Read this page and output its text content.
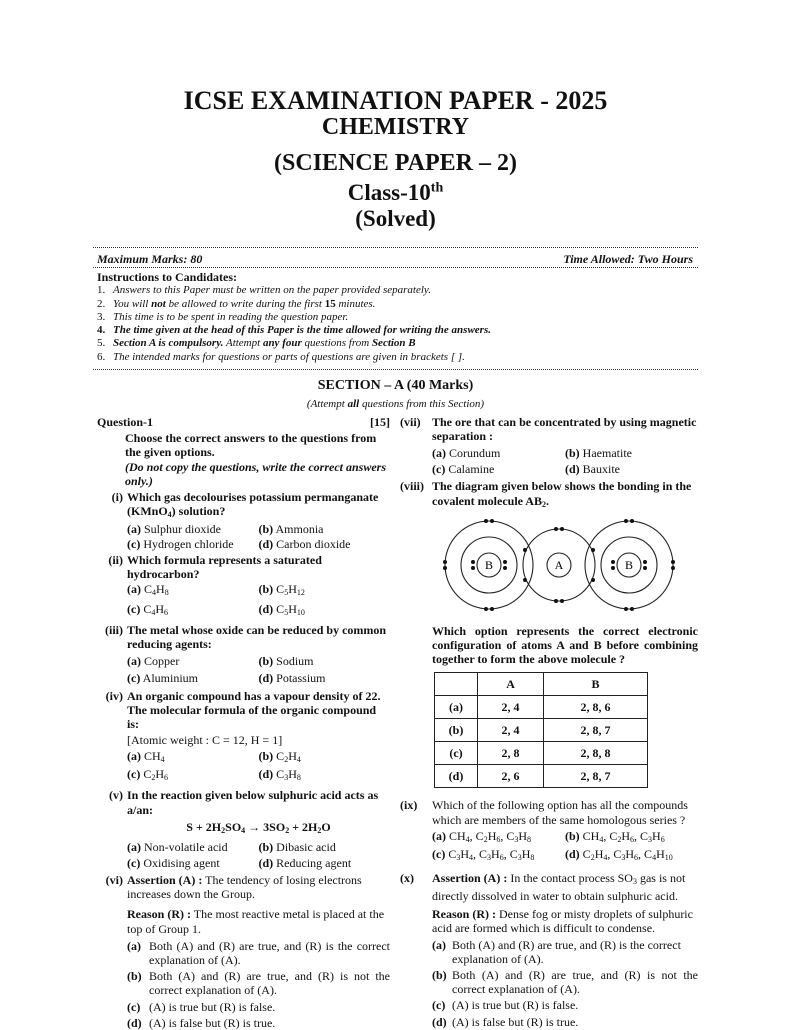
ICSE EXAMINATION PAPER - 2025
CHEMISTRY
(SCIENCE PAPER – 2)
Class-10th
(Solved)
Maximum Marks: 80	Time Allowed: Two Hours
Instructions to Candidates:
1. Answers to this Paper must be written on the paper provided separately.
2. You will not be allowed to write during the first 15 minutes.
3. This time is to be spent in reading the question paper.
4. The time given at the head of this Paper is the time allowed for writing the answers.
5. Section A is compulsory. Attempt any four questions from Section B
6. The intended marks for questions or parts of questions are given in brackets [ ].
SECTION – A (40 Marks)
(Attempt all questions from this Section)
Question-1	[15]
Choose the correct answers to the questions from the given options.
(Do not copy the questions, write the correct answers only.)
(i) Which gas decolourises potassium permanganate (KMnO$_4$) solution?
(a) Sulphur dioxide	(b) Ammonia
(c) Hydrogen chloride	(d) Carbon dioxide
(ii) Which formula represents a saturated hydrocarbon?
(a) $C_4H_8$	(b) $C_5H_{12}$
(c) $C_4H_6$	(d) $C_5H_{10}$
(iii) The metal whose oxide can be reduced by common reducing agents:
(a) Copper	(b) Sodium
(c) Aluminium	(d) Potassium
(iv) An organic compound has a vapour density of 22. The molecular formula of the organic compound is:
[Atomic weight : C = 12, H = 1]
(a) $CH_4$	(b) $C_2H_4$
(c) $C_2H_6$	(d) $C_3H_8$
(v) In the reaction given below sulphuric acid acts as a/an:
$S + 2H_2SO_4 \to 3SO_2 + 2H_2O$
(a) Non-volatile acid	(b) Dibasic acid
(c) Oxidising agent	(d) Reducing agent
(vi) Assertion (A) : The tendency of losing electrons increases down the Group.
Reason (R) : The most reactive metal is placed at the top of Group 1.
(a) Both (A) and (R) are true, and (R) is the correct explanation of (A).
(b) Both (A) and (R) are true, and (R) is not the correct explanation of (A).
(c) (A) is true but (R) is false.
(d) (A) is false but (R) is true.
(vii) The ore that can be concentrated by using magnetic separation :
(a) Corundum	(b) Haematite
(c) Calamine	(d) Bauxite
(viii) The diagram given below shows the bonding in the covalent molecule $AB_2$.
B	A	B
Which option represents the correct electronic configuration of atoms A and B before combining together to form the above molecule ?
	A	B
(a)	2, 4	2, 8, 6
(b)	2, 4	2, 8, 7
(c)	2, 8	2, 8, 8
(d)	2, 6	2, 8, 7
(ix)	Which of the following option has all the compounds which are members of the same homologous series ?
(a) $CH_4$, $C_2H_6$, $C_3H_8$	(b) $CH_4$, $C_2H_6$, $C_3H_6$
(c) $C_3H_4$, $C_3H_6$, $C_3H_8$	(d) $C_2H_4$, $C_3H_6$, $C_4H_{10}$
(x)	Assertion (A) : In the contact process $SO_3$ gas is not directly dissolved in water to obtain sulphuric acid.
Reason (R) : Dense fog or misty droplets of sulphuric acid are formed which is difficult to condense.
(a) Both (A) and (R) are true, and (R) is the correct explanation of (A).
(b) Both (A) and (R) are true, and (R) is not the correct explanation of (A).
(c) (A) is true but (R) is false.
(d) (A) is false but (R) is true.
